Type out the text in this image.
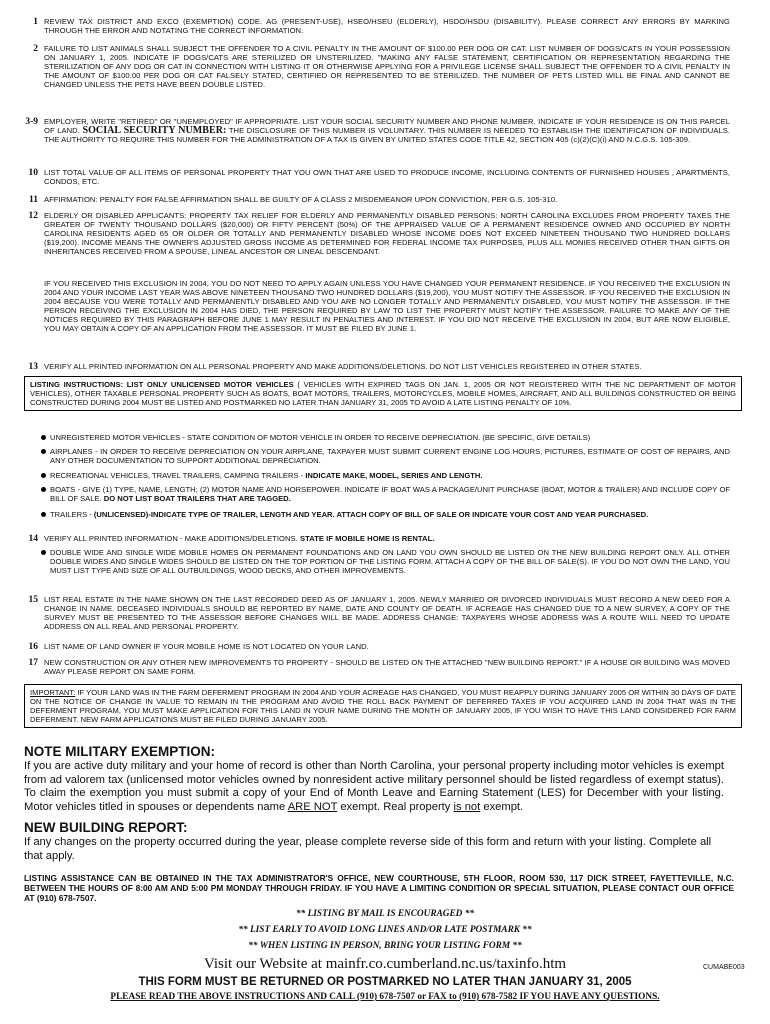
1 REVIEW TAX DISTRICT AND EXCO (EXEMPTION) CODE. AG (PRESENT-USE), HSEO/HSEU (ELDERLY), HSDO/HSDU (DISABILITY). PLEASE CORRECT ANY ERRORS BY MARKING THROUGH THE ERROR AND NOTATING THE CORRECT INFORMATION.
2 FAILURE TO LIST ANIMALS SHALL SUBJECT THE OFFENDER TO A CIVIL PENALTY IN THE AMOUNT OF $100.00 PER DOG OR CAT. LIST NUMBER OF DOGS/CATS IN YOUR POSSESSION ON JANUARY 1, 2005. INDICATE IF DOGS/CATS ARE STERILIZED OR UNSTERILIZED. "MAKING ANY FALSE STATEMENT, CERTIFICATION OR REPRESENTATION REGARDING THE STERILIZATION OF ANY DOG OR CAT IN CONNECTION WITH LISTING IT OR OTHERWISE APPLYING FOR A PRIVILEGE LICENSE SHALL SUBJECT THE OFFENDER TO A CIVIL PENALTY IN THE AMOUNT OF $100.00 PER DOG OR CAT FALSELY STATED, CERTIFIED OR REPRESENTED TO BE STERILIZED. THE NUMBER OF PETS LISTED WILL BE FINAL AND CANNOT BE CHANGED UNLESS THE PETS HAVE BEEN DOUBLE LISTED.
3-9 EMPLOYER, WRITE "RETIRED" OR "UNEMPLOYED" IF APPROPRIATE. LIST YOUR SOCIAL SECURITY NUMBER AND PHONE NUMBER. INDICATE IF YOUR RESIDENCE IS ON THIS PARCEL OF LAND. SOCIAL SECURITY NUMBER: THE DISCLOSURE OF THIS NUMBER IS VOLUNTARY. THIS NUMBER IS NEEDED TO ESTABLISH THE IDENTIFICATION OF INDIVIDUALS. THE AUTHORITY TO REQUIRE THIS NUMBER FOR THE ADMINISTRATION OF A TAX IS GIVEN BY UNITED STATES CODE TITLE 42, SECTION 405 (c)(2)(C)(i) AND N.C.G.S. 105-309.
10 LIST TOTAL VALUE OF ALL ITEMS OF PERSONAL PROPERTY THAT YOU OWN THAT ARE USED TO PRODUCE INCOME, INCLUDING CONTENTS OF FURNISHED HOUSES , APARTMENTS, CONDOS, ETC.
11 AFFIRMATION: PENALTY FOR FALSE AFFIRMATION SHALL BE GUILTY OF A CLASS 2 MISDEMEANOR UPON CONVICTION, PER G.S. 105-310.
12 ELDERLY OR DISABLED APPLICANTS: PROPERTY TAX RELIEF FOR ELDERLY AND PERMANENTLY DISABLED PERSONS: NORTH CAROLINA EXCLUDES FROM PROPERTY TAXES THE GREATER OF TWENTY THOUSAND DOLLARS ($20,000) OR FIFTY PERCENT (50%) OF THE APPRAISED VALUE OF A PERMANENT RESIDENCE OWNED AND OCCUPIED BY NORTH CAROLINA RESIDENTS AGED 65 OR OLDER OR TOTALLY AND PERMANENTLY DISABLED WHOSE INCOME DOES NOT EXCEED NINETEEN THOUSAND TWO HUNDRED DOLLARS ($19,200). INCOME MEANS THE OWNER'S ADJUSTED GROSS INCOME AS DETERMINED FOR FEDERAL INCOME TAX PURPOSES, PLUS ALL MONIES RECEIVED OTHER THAN GIFTS OR INHERITANCES RECEIVED FROM A SPOUSE, LINEAL ANCESTOR OR LINEAL DESCENDANT.
IF YOU RECEIVED THIS EXCLUSION IN 2004, YOU DO NOT NEED TO APPLY AGAIN UNLESS YOU HAVE CHANGED YOUR PERMANENT RESIDENCE. IF YOU RECEIVED THE EXCLUSION IN 2004 AND YOUR INCOME LAST YEAR WAS ABOVE NINETEEN THOUSAND TWO HUNDRED DOLLARS ($19,200), YOU MUST NOTIFY THE ASSESSOR. IF YOU RECEIVED THE EXCLUSION IN 2004 BECAUSE YOU WERE TOTALLY AND PERMANENTLY DISABLED AND YOU ARE NO LONGER TOTALLY AND PERMANENTLY DISABLED, YOU MUST NOTIFY THE ASSESSOR. IF THE PERSON RECEIVING THE EXCLUSION IN 2004 HAS DIED, THE PERSON REQUIRED BY LAW TO LIST THE PROPERTY MUST NOTIFY THE ASSESSOR. FAILURE TO MAKE ANY OF THE NOTICES REQUIRED BY THIS PARAGRAPH BEFORE JUNE 1 MAY RESULT IN PENALTIES AND INTEREST. IF YOU DID NOT RECEIVE THE EXCLUSION IN 2004, BUT ARE NOW ELIGIBLE, YOU MAY OBTAIN A COPY OF AN APPLICATION FROM THE ASSESSOR. IT MUST BE FILED BY JUNE 1.
13 VERIFY ALL PRINTED INFORMATION ON ALL PERSONAL PROPERTY AND MAKE ADDITIONS/DELETIONS. DO NOT LIST VEHICLES REGISTERED IN OTHER STATES.
LISTING INSTRUCTIONS: LIST ONLY UNLICENSED MOTOR VEHICLES ( VEHICLES WITH EXPIRED TAGS ON JAN. 1, 2005 OR NOT REGISTERED WITH THE NC DEPARTMENT OF MOTOR VEHICLES), OTHER TAXABLE PERSONAL PROPERTY SUCH AS BOATS, BOAT MOTORS, TRAILERS, MOTORCYCLES, MOBILE HOMES, AIRCRAFT, AND ALL BUILDINGS CONSTRUCTED OR BEING CONSTRUCTED DURING 2004 MUST BE LISTED AND POSTMARKED NO LATER THAN JANUARY 31, 2005 TO AVOID A LATE LISTING PENALTY OF 10%.
UNREGISTERED MOTOR VEHICLES - STATE CONDITION OF MOTOR VEHICLE IN ORDER TO RECEIVE DEPRECIATION. (BE SPECIFIC, GIVE DETAILS)
AIRPLANES - IN ORDER TO RECEIVE DEPRECIATION ON YOUR AIRPLANE, TAXPAYER MUST SUBMIT CURRENT ENGINE LOG HOURS, PICTURES, ESTIMATE OF COST OF REPAIRS, AND ANY OTHER DOCUMENTATION TO SUPPORT ADDITIONAL DEPRECIATION.
RECREATIONAL VEHICLES, TRAVEL TRAILERS, CAMPING TRAILERS - INDICATE MAKE, MODEL, SERIES AND LENGTH.
BOATS - GIVE (1) TYPE, NAME, LENGTH; (2) MOTOR NAME AND HORSEPOWER. INDICATE IF BOAT WAS A PACKAGE/UNIT PURCHASE (BOAT, MOTOR & TRAILER) AND INCLUDE COPY OF BILL OF SALE. DO NOT LIST BOAT TRAILERS THAT ARE TAGGED.
TRAILERS - (UNLICENSED)-INDICATE TYPE OF TRAILER, LENGTH AND YEAR. ATTACH COPY OF BILL OF SALE OR INDICATE YOUR COST AND YEAR PURCHASED.
14 VERIFY ALL PRINTED INFORMATION - MAKE ADDITIONS/DELETIONS. STATE IF MOBILE HOME IS RENTAL.
DOUBLE WIDE AND SINGLE WIDE MOBILE HOMES ON PERMANENT FOUNDATIONS AND ON LAND YOU OWN SHOULD BE LISTED ON THE NEW BUILDING REPORT ONLY. ALL OTHER DOUBLE WIDES AND SINGLE WIDES SHOULD BE LISTED ON THE TOP PORTION OF THE LISTING FORM. ATTACH A COPY OF THE BILL OF SALE(S). IF YOU DO NOT OWN THE LAND, YOU MUST LIST TYPE AND SIZE OF ALL OUTBUILDINGS, WOOD DECKS, AND OTHER IMPROVEMENTS.
15 LIST REAL ESTATE IN THE NAME SHOWN ON THE LAST RECORDED DEED AS OF JANUARY 1, 2005. NEWLY MARRIED OR DIVORCED INDIVIDUALS MUST RECORD A NEW DEED FOR A CHANGE IN NAME. DECEASED INDIVIDUALS SHOULD BE REPORTED BY NAME, DATE AND COUNTY OF DEATH. IF ACREAGE HAS CHANGED DUE TO A NEW SURVEY, A COPY OF THE SURVEY MUST BE PRESENTED TO THE ASSESSOR BEFORE CHANGES WILL BE MADE. ADDRESS CHANGE: TAXPAYERS WHOSE ADDRESS WAS A ROUTE WILL NEED TO UPDATE ADDRESS ON ALL REAL AND PERSONAL PROPERTY.
16 LIST NAME OF LAND OWNER IF YOUR MOBILE HOME IS NOT LOCATED ON YOUR LAND.
17 NEW CONSTRUCTION OR ANY OTHER NEW IMPROVEMENTS TO PROPERTY - SHOULD BE LISTED ON THE ATTACHED "NEW BUILDING REPORT." IF A HOUSE OR BUILDING WAS MOVED AWAY PLEASE REPORT ON SAME FORM.
IMPORTANT: IF YOUR LAND WAS IN THE FARM DEFERMENT PROGRAM IN 2004 AND YOUR ACREAGE HAS CHANGED, YOU MUST REAPPLY DURING JANUARY 2005 OR WITHIN 30 DAYS OF DATE ON THE NOTICE OF CHANGE IN VALUE TO REMAIN IN THE PROGRAM AND AVOID THE ROLL BACK PAYMENT OF DEFERRED TAXES IF YOU ACQUIRED LAND IN 2004 THAT WAS IN THE DEFERMENT PROGRAM, YOU MUST MAKE APPLICATION FOR THIS LAND IN YOUR NAME DURING THE MONTH OF JANUARY 2005, IF YOU WISH TO HAVE THIS LAND CONSIDERED FOR FARM DEFERMENT. NEW FARM APPLICATIONS MUST BE FILED DURING JANUARY 2005.
NOTE MILITARY EXEMPTION:
If you are active duty military and your home of record is other than North Carolina, your personal property including motor vehicles is exempt from ad valorem tax (unlicensed motor vehicles owned by nonresident active military personnel should be listed regardless of exempt status). To claim the exemption you must submit a copy of your End of Month Leave and Earning Statement (LES) for December with your listing. Motor vehicles titled in spouses or dependents name ARE NOT exempt. Real property is not exempt.
NEW BUILDING REPORT:
If any changes on the property occurred during the year, please complete reverse side of this form and return with your listing. Complete all that apply.
LISTING ASSISTANCE CAN BE OBTAINED IN THE TAX ADMINISTRATOR'S OFFICE, NEW COURTHOUSE, 5TH FLOOR, ROOM 530, 117 DICK STREET, FAYETTEVILLE, N.C. BETWEEN THE HOURS OF 8:00 AM AND 5:00 PM MONDAY THROUGH FRIDAY. IF YOU HAVE A LIMITING CONDITION OR SPECIAL SITUATION, PLEASE CONTACT OUR OFFICE AT (910) 678-7507.
** LISTING BY MAIL IS ENCOURAGED **
** LIST EARLY TO AVOID LONG LINES AND/OR LATE POSTMARK **
** WHEN LISTING IN PERSON, BRING YOUR LISTING FORM **
Visit our Website at mainfr.co.cumberland.nc.us/taxinfo.htm	CUMABE003
THIS FORM MUST BE RETURNED OR POSTMARKED NO LATER THAN JANUARY 31, 2005
PLEASE READ THE ABOVE INSTRUCTIONS AND CALL (910) 678-7507 or FAX to (910) 678-7582 IF YOU HAVE ANY QUESTIONS.
